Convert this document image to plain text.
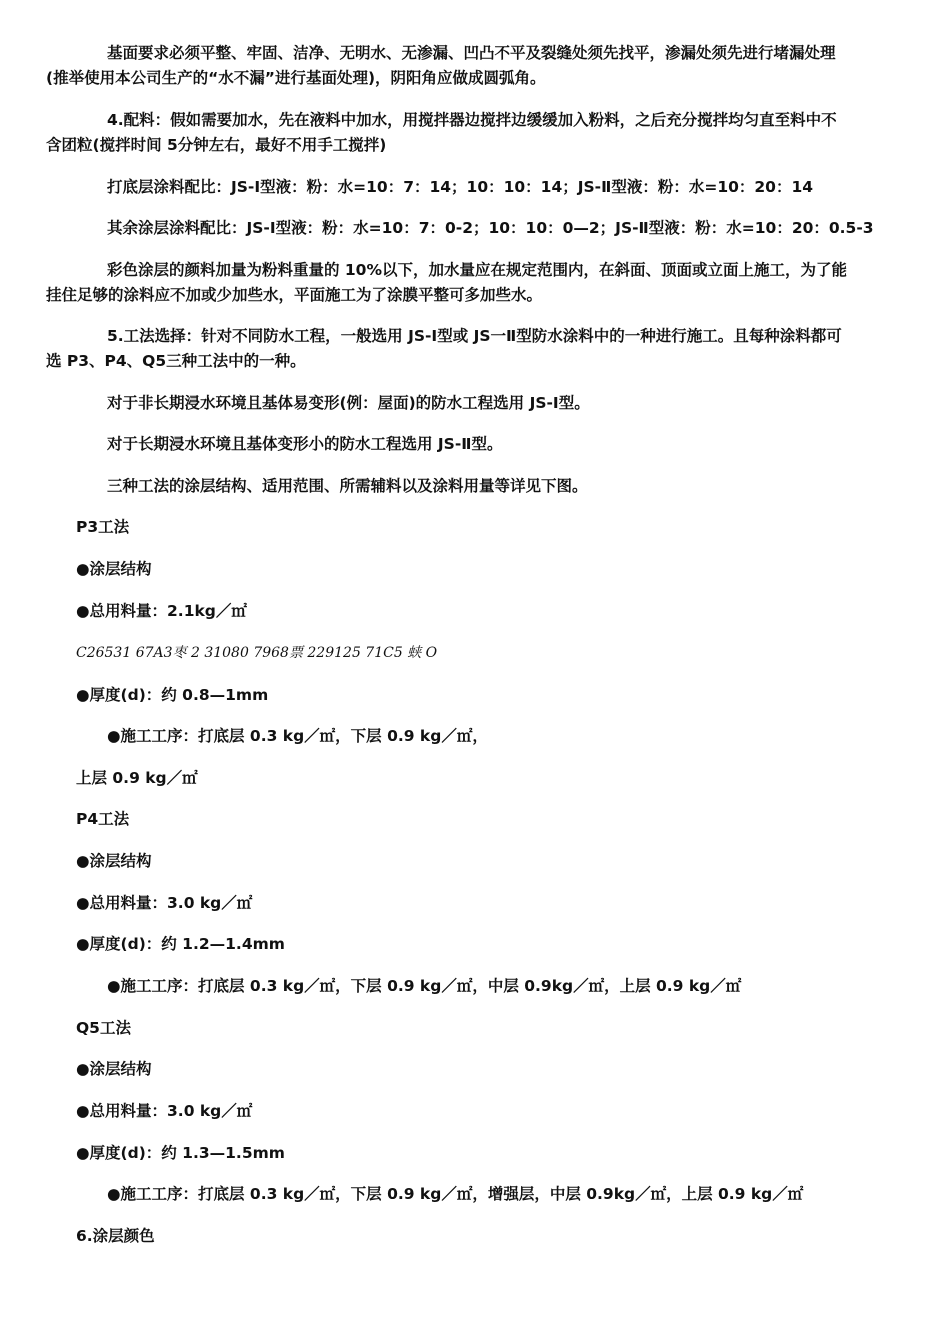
基面要求必须平整、牢固、洁净、无明水、无渗漏、凹凸不平及裂缝处须先找平，渗漏处须先进行堵漏处理
(推举使用本公司生产的“水不漏”进行基面处理)，阴阳角应做成圆弧角。
4.配料：假如需要加水，先在液料中加水，用搅拌器边搅拌边缓缓加入粉料，之后充分搅拌均匀直至料中不
含团粒(搅拌时间 5分钟左右，最好不用手工搅拌)
打底层涂料配比：JS-I型液：粉：水=10：7：14；10：10：14；JS-Ⅱ型液：粉：水=10：20：14
其余涂层涂料配比：JS-I型液：粉：水=10：7：0-2；10：10：0—2；JS-Ⅱ型液：粉：水=10：20：0.5-3
彩色涂层的颜料加量为粉料重量的 10%以下，加水量应在规定范围内，在斜面、顶面或立面上施工，为了能
挂住足够的涂料应不加或少加些水，平面施工为了涂膜平整可多加些水。
5.工法选择：针对不同防水工程，一般选用 JS-I型或 JS一Ⅱ型防水涂料中的一种进行施工。且每种涂料都可
选 P3、P4、Q5三种工法中的一种。
对于非长期浸水环境且基体易变形(例：屋面)的防水工程选用 JS-I型。
对于长期浸水环境且基体变形小的防水工程选用 JS-Ⅱ型。
三种工法的涂层结构、适用范围、所需辅料以及涂料用量等详见下图。
P3工法
●涂层结构
●总用料量：2.1kg／㎡
C26531 67A3枣 2 31080 7968票 229125 71C5 蛱 O
●厚度(d)：约 0.8—1mm
●施工工序：打底层 0.3 kg／㎡，下层 0.9 kg／㎡，
上层 0.9 kg／㎡
P4工法
●涂层结构
●总用料量：3.0 kg／㎡
●厚度(d)：约 1.2—1.4mm
●施工工序：打底层 0.3 kg／㎡，下层 0.9 kg／㎡，中层 0.9kg／㎡，上层 0.9 kg／㎡
Q5工法
●涂层结构
●总用料量：3.0 kg／㎡
●厚度(d)：约 1.3—1.5mm
●施工工序：打底层 0.3 kg／㎡，下层 0.9 kg／㎡，增强层，中层 0.9kg／㎡，上层 0.9 kg／㎡
6.涂层颜色
